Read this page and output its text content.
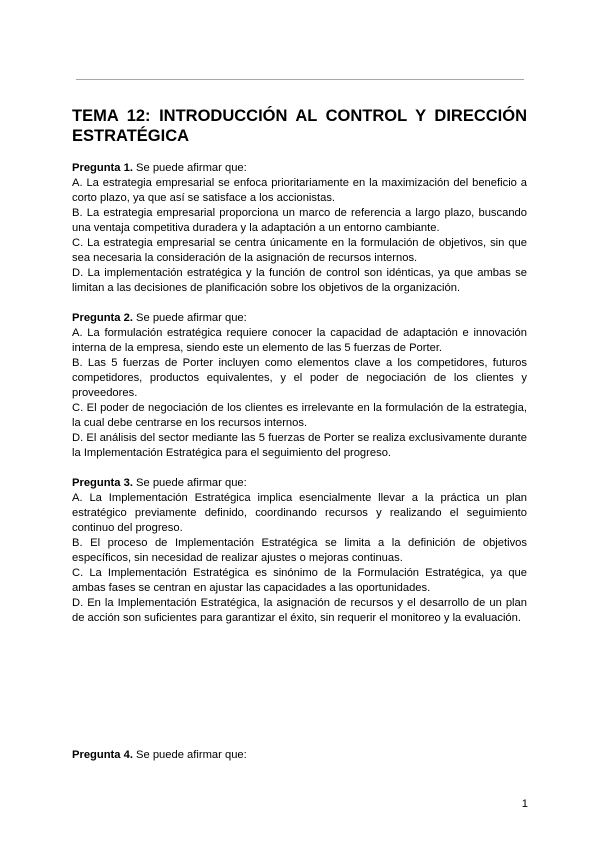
TEMA 12: INTRODUCCIÓN AL CONTROL Y DIRECCIÓN ESTRATÉGICA

Pregunta 1. Se puede afirmar que:

A. La estrategia empresarial se enfoca prioritariamente en la maximización del beneficio a corto plazo, ya que así se satisface a los accionistas.

B. La estrategia empresarial proporciona un marco de referencia a largo plazo, buscando una ventaja competitiva duradera y la adaptación a un entorno cambiante.

C. La estrategia empresarial se centra únicamente en la formulación de objetivos, sin que sea necesaria la consideración de la asignación de recursos internos.

D. La implementación estratégica y la función de control son idénticas, ya que ambas se limitan a las decisiones de planificación sobre los objetivos de la organización.

Pregunta 2. Se puede afirmar que:

A. La formulación estratégica requiere conocer la capacidad de adaptación e innovación interna de la empresa, siendo este un elemento de las 5 fuerzas de Porter.

B. Las 5 fuerzas de Porter incluyen como elementos clave a los competidores, futuros competidores, productos equivalentes, y el poder de negociación de los clientes y proveedores.

C. El poder de negociación de los clientes es irrelevante en la formulación de la estrategia, la cual debe centrarse en los recursos internos.

D. El análisis del sector mediante las 5 fuerzas de Porter se realiza exclusivamente durante la Implementación Estratégica para el seguimiento del progreso.

Pregunta 3. Se puede afirmar que:

A. La Implementación Estratégica implica esencialmente llevar a la práctica un plan estratégico previamente definido, coordinando recursos y realizando el seguimiento continuo del progreso.

B. El proceso de Implementación Estratégica se limita a la definición de objetivos específicos, sin necesidad de realizar ajustes o mejoras continuas.

C. La Implementación Estratégica es sinónimo de la Formulación Estratégica, ya que ambas fases se centran en ajustar las capacidades a las oportunidades.

D. En la Implementación Estratégica, la asignación de recursos y el desarrollo de un plan de acción son suficientes para garantizar el éxito, sin requerir el monitoreo y la evaluación.

Pregunta 4. Se puede afirmar que:

1
